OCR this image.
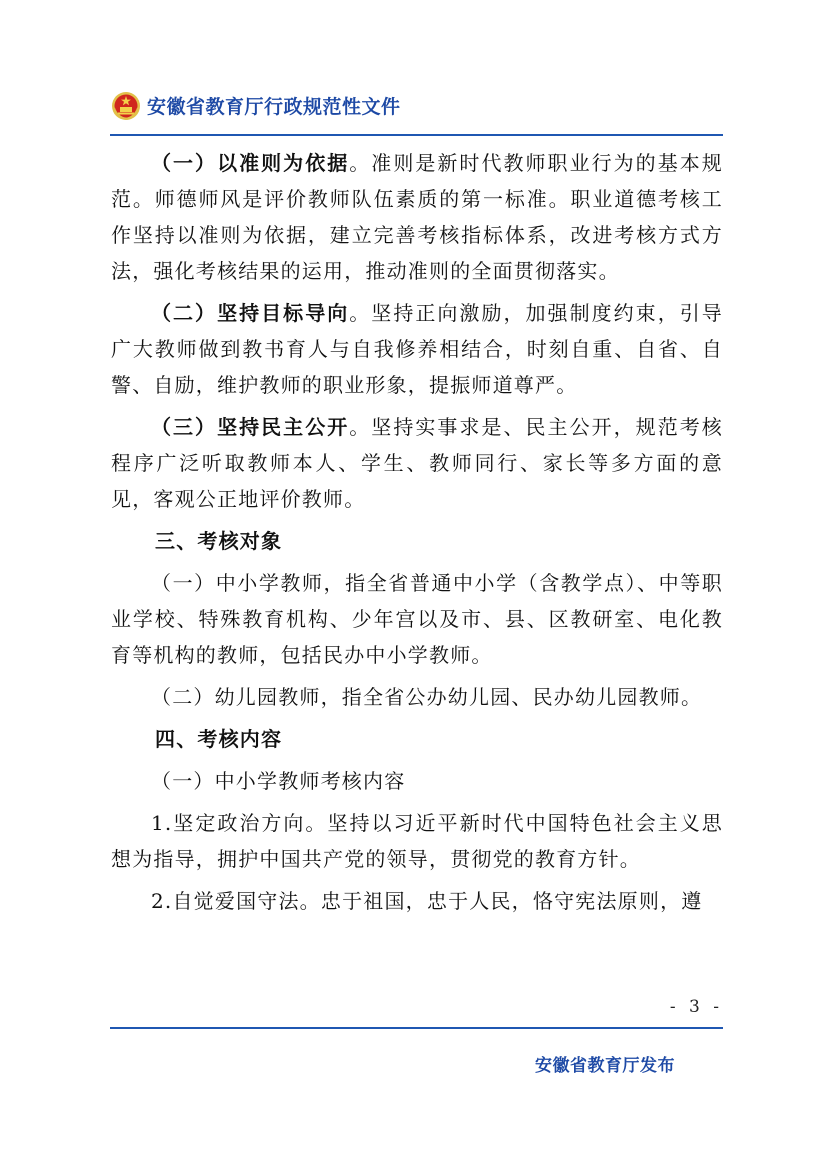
安徽省教育厅行政规范性文件

（一）以准则为依据。准则是新时代教师职业行为的基本规范。师德师风是评价教师队伍素质的第一标准。职业道德考核工作坚持以准则为依据，建立完善考核指标体系，改进考核方式方法，强化考核结果的运用，推动准则的全面贯彻落实。

（二）坚持目标导向。坚持正向激励，加强制度约束，引导广大教师做到教书育人与自我修养相结合，时刻自重、自省、自警、自励，维护教师的职业形象，提振师道尊严。

（三）坚持民主公开。坚持实事求是、民主公开，规范考核程序广泛听取教师本人、学生、教师同行、家长等多方面的意见，客观公正地评价教师。

三、考核对象

（一）中小学教师，指全省普通中小学（含教学点）、中等职业学校、特殊教育机构、少年宫以及市、县、区教研室、电化教育等机构的教师，包括民办中小学教师。

（二）幼儿园教师，指全省公办幼儿园、民办幼儿园教师。

四、考核内容

（一）中小学教师考核内容

1.坚定政治方向。坚持以习近平新时代中国特色社会主义思想为指导，拥护中国共产党的领导，贯彻党的教育方针。

2.自觉爱国守法。忠于祖国，忠于人民，恪守宪法原则，遵

- 3 -
安徽省教育厅发布
